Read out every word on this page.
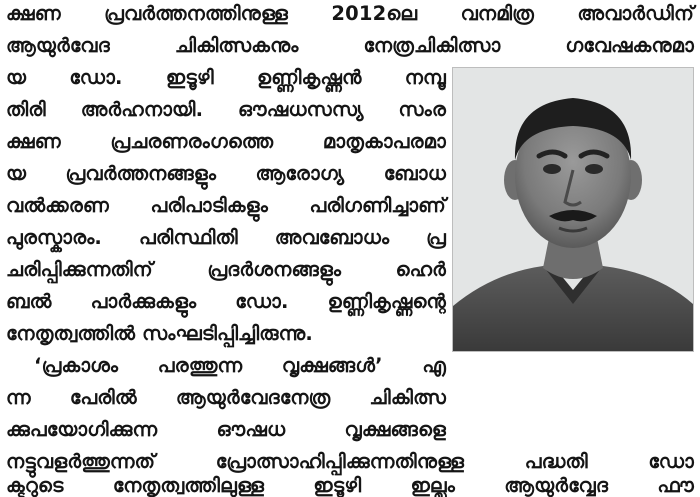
ക്ഷണ പ്രവർത്തനത്തിനുള്ള 2012ലെ വനമിത്ര അവാർഡിന്
ആയുർവേദ ചികിത്സകനും നേത്രചികിത്സാ ഗവേഷകനുമാ
യ ഡോ. ഇടൂഴി ഉണ്ണികൃഷ്ണൻ നമ്പൂ
തിരി അർഹനായി. ഔഷധസസ്യ സംര
ക്ഷണ പ്രചരണരംഗത്തെ മാതൃകാപരമാ
യ പ്രവർത്തനങ്ങളും ആരോഗ്യ ബോധ
വൽക്കരണ പരിപാടികളും പരിഗണിച്ചാണ്
പുരസ്കാരം. പരിസ്ഥിതി അവബോധം പ്ര
ചരിപ്പിക്കുന്നതിന് പ്രദർശനങ്ങളും ഹെർ
ബൽ പാർക്കുകളും ഡോ. ഉണ്ണികൃഷ്ണന്റെ
നേതൃത്വത്തിൽ സംഘടിപ്പിച്ചിരുന്നു.
‘പ്രകാശം പരത്തുന്ന വൃക്ഷങ്ങൾ’ എ
ന്ന പേരിൽ ആയുർവേദനേത്ര ചികിത്സ
ക്കുപയോഗിക്കുന്ന ഔഷധ വൃക്ഷങ്ങളെ
നട്ടുവളർത്തുന്നത് പ്രോത്സാഹിപ്പിക്കുന്നതിനുള്ള പദ്ധതി ഡോ
ക്ടറുടെ നേതൃത്വത്തിലുള്ള ഇടൂഴി ഇല്ലം ആയുർവ്വേദ ഫൗ
